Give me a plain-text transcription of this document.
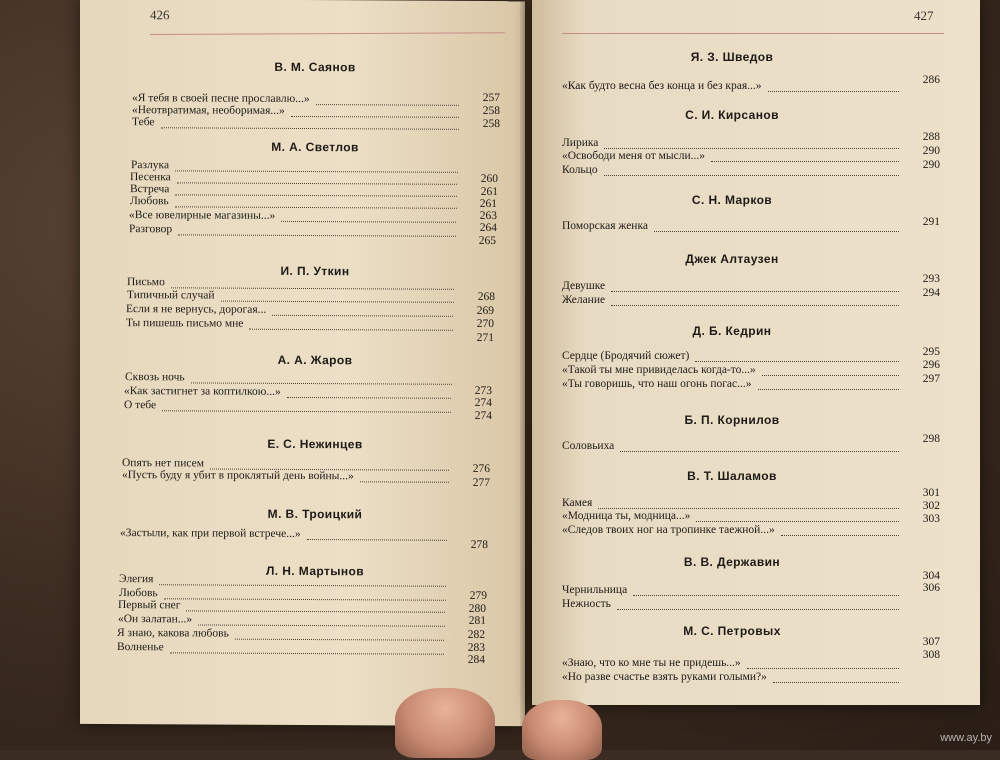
426
В. М. Саянов
«Я тебя в своей песне прославлю...»
«Неотвратимая, необоримая...»
Тебе
257
258
258
М. А. Светлов
Разлука
Песенка
Встреча
Любовь
«Все ювелирные магазины...»
Разговор
260
261
261
263
264
265
И. П. Уткин
Письмо
Типичный случай
Если я не вернусь, дорогая...
Ты пишешь письмо мне
268
269
270
271
А. А. Жаров
Сквозь ночь
«Как застигнет за коптилкою...»
О тебе
273
274
274
Е. С. Нежинцев
Опять нет писем
«Пусть буду я убит в проклятый день войны...»
276
277
М. В. Троицкий
«Застыли, как при первой встрече...»
278
Л. Н. Мартынов
Элегия
Любовь
Первый снег
«Он залатан...»
Я знаю, какова любовь
Волненье
279
280
281
282
283
284
427
Я. З. Шведов
«Как будто весна без конца и без края...»	286
С. И. Кирсанов
Лирика
«Освободи меня от мысли...»
Кольцо
288
290
290
С. Н. Марков
Поморская женка	291
Джек Алтаузен
Девушке
Желание
293
294
Д. Б. Кедрин
Сердце (Бродячий сюжет)
«Такой ты мне привиделась когда-то...»
«Ты говоришь, что наш огонь погас...»
295
296
297
Б. П. Корнилов
Соловьиха
298
В. Т. Шаламов
Камея
«Модница ты, модница...»
«Следов твоих ног на тропинке таежной...»
301
302
303
В. В. Державин
Чернильница
Нежность
304
306
М. С. Петровых
«Знаю, что ко мне ты не придешь...»
«Но разве счастье взять руками голыми?»
307
308
www.ay.by
